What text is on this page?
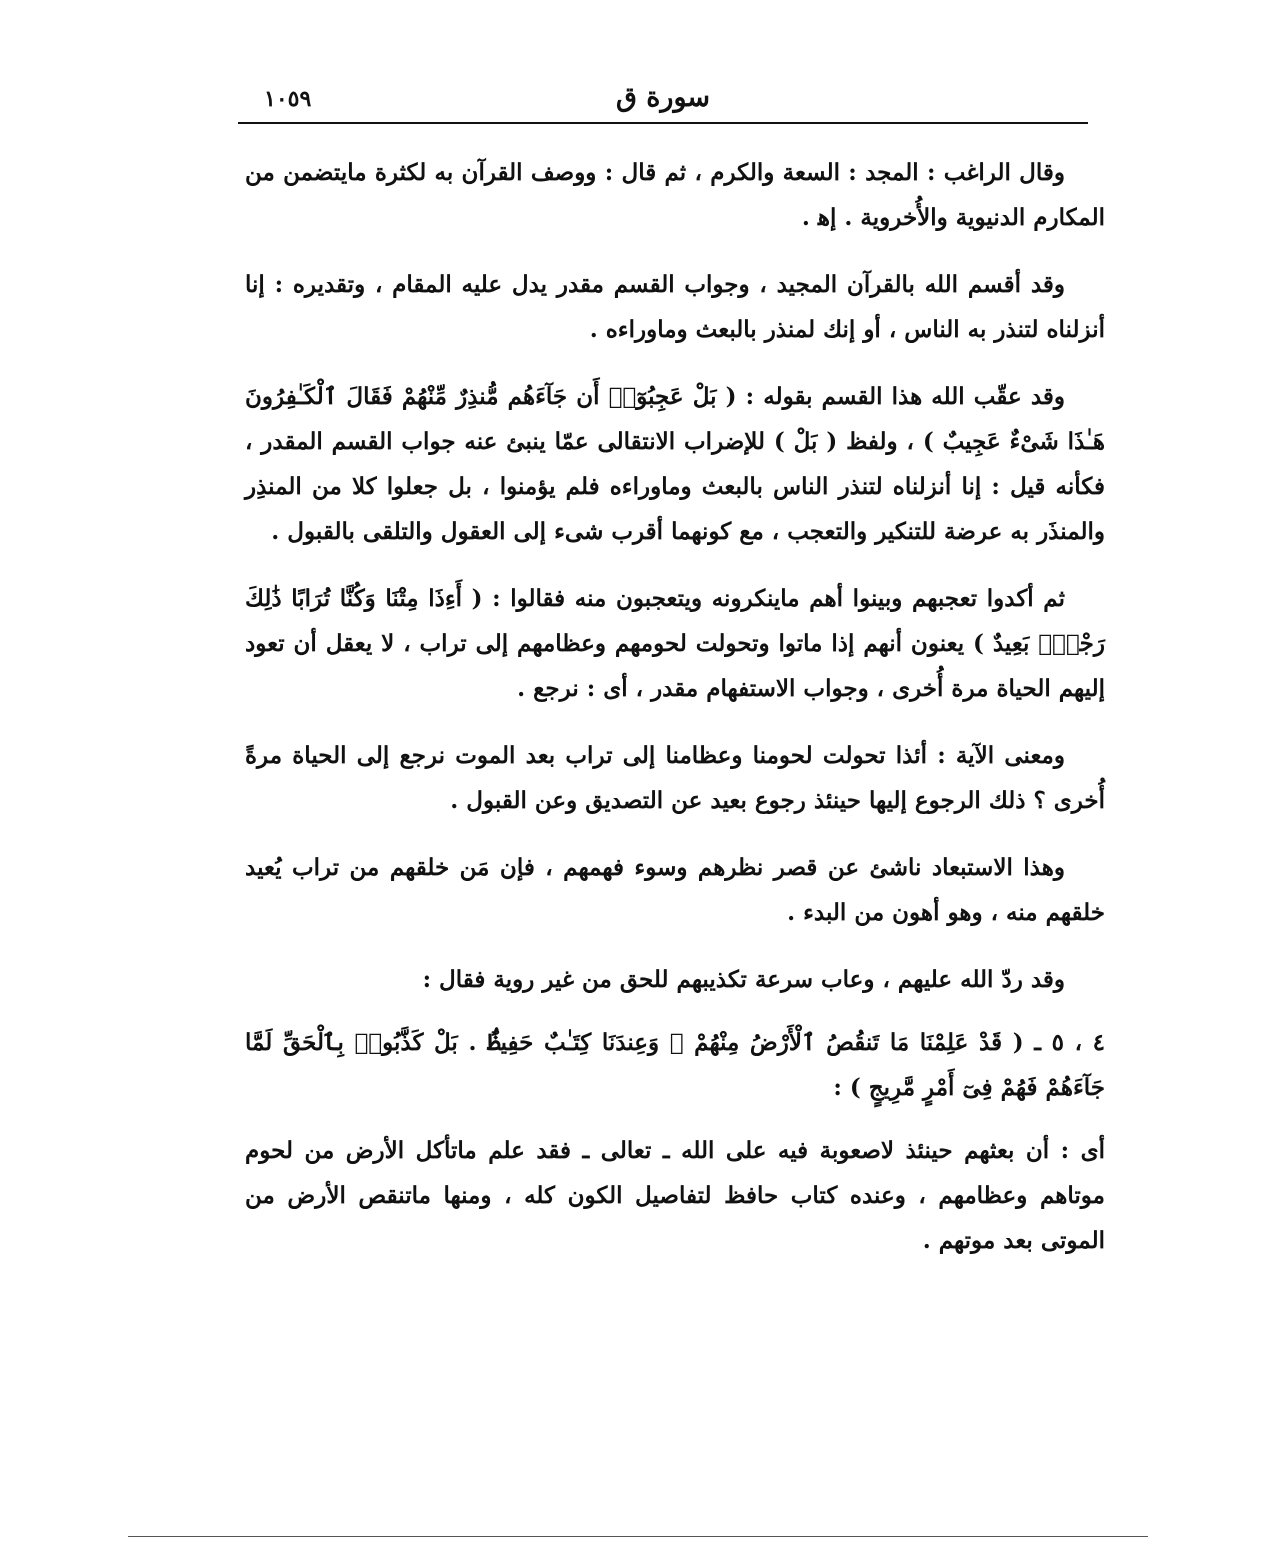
سورة ق
١٠٥٩

وقال الراغب : المجد : السعة والكرم ، ثم قال : ووصف القرآن به لكثرة مايتضمن من المكارم الدنيوية والأُخروية . إﻫ .

وقد أقسم الله بالقرآن المجيد ، وجواب القسم مقدر يدل عليه المقام ، وتقديره : إنا أنزلناه لتنذر به الناس ، أو إنك لمنذر بالبعث وماوراءه .

وقد عقّب الله هذا القسم بقوله : ( بَلْ عَجِبُوٓا۟ أَن جَآءَهُم مُّنذِرٌ مِّنْهُمْ فَقَالَ ٱلْكَـٰفِرُونَ هَـٰذَا شَىْءٌ عَجِيبٌ ) ، ولفظ ( بَلْ ) للإضراب الانتقالى عمّا ينبئ عنه جواب القسم المقدر ، فكأنه قيل : إنا أنزلناه لتنذر الناس بالبعث وماوراءه فلم يؤمنوا ، بل جعلوا كلا من المنذِر والمنذَر به عرضة للتنكير والتعجب ، مع كونهما أقرب شىء إلى العقول والتلقى بالقبول .

ثم أكدوا تعجبهم وبينوا أهم ماينكرونه ويتعجبون منه فقالوا : ( أَءِذَا مِتْنَا وَكُنَّا تُرَابًا ذَٰلِكَ رَجْعٌۢ بَعِيدٌ ) يعنون أنهم إذا ماتوا وتحولت لحومهم وعظامهم إلى تراب ، لا يعقل أن تعود إليهم الحياة مرة أُخرى ، وجواب الاستفهام مقدر ، أى : نرجع .

ومعنى الآية : أئذا تحولت لحومنا وعظامنا إلى تراب بعد الموت نرجع إلى الحياة مرةً أُخرى ؟ ذلك الرجوع إليها حينئذ رجوع بعيد عن التصديق وعن القبول .

وهذا الاستبعاد ناشئ عن قصر نظرهم وسوء فهمهم ، فإن مَن خلقهم من تراب يُعيد خلقهم منه ، وهو أهون من البدء .

وقد ردّ الله عليهم ، وعاب سرعة تكذيبهم للحق من غير روية فقال :

٤ ، ٥ ـ ( قَدْ عَلِمْنَا مَا تَنقُصُ ٱلْأَرْضُ مِنْهُمْ ۖ وَعِندَنَا كِتَـٰبٌ حَفِيظٌۢ . بَلْ كَذَّبُوا۟ بِٱلْحَقِّ لَمَّا جَآءَهُمْ فَهُمْ فِىٓ أَمْرٍ مَّرِيجٍ ) :

أى : أن بعثهم حينئذ لاصعوبة فيه على الله ـ تعالى ـ فقد علم ماتأكل الأرض من لحوم موتاهم وعظامهم ، وعنده كتاب حافظ لتفاصيل الكون كله ، ومنها ماتنقص الأرض من الموتى بعد موتهم .
